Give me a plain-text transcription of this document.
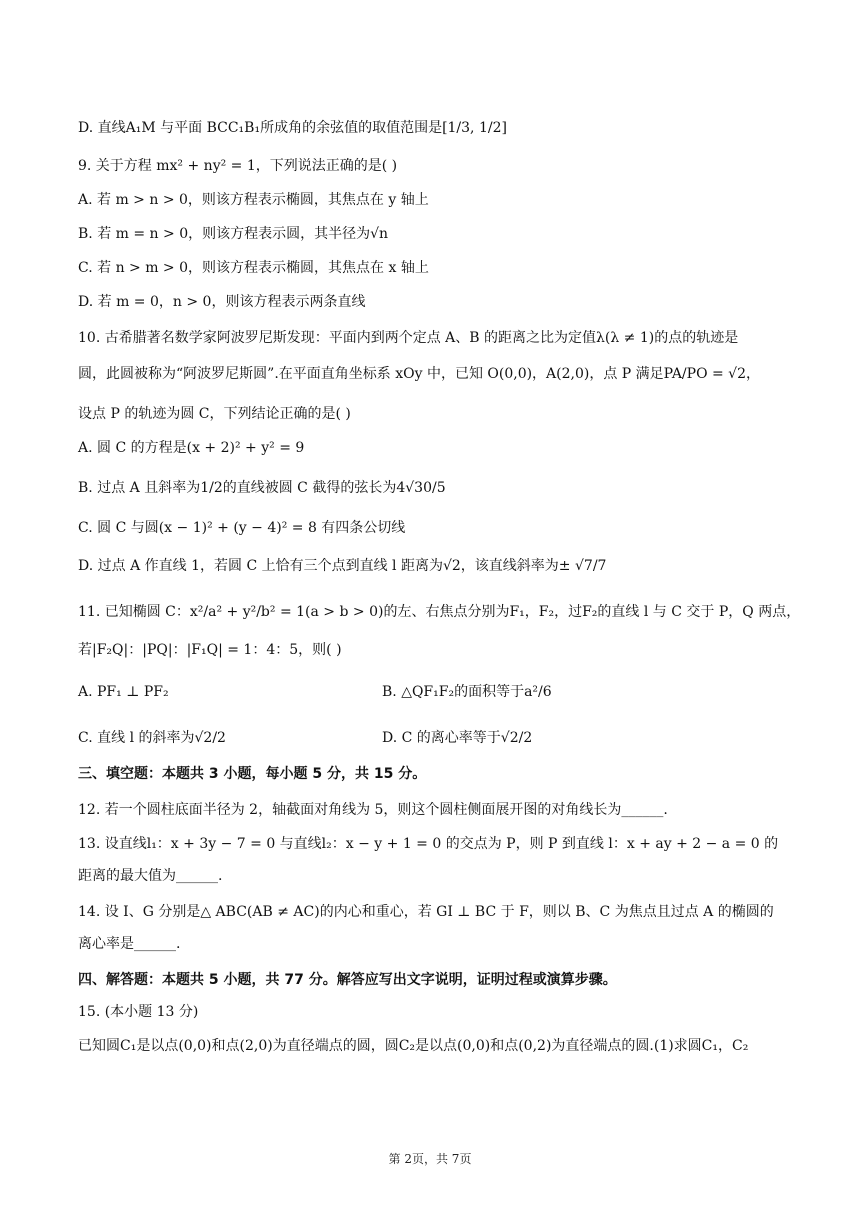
D. 直线A₁M 与平面 BCC₁B₁所成角的余弦值的取值范围是[1/3, 1/2]
9. 关于方程 mx² + ny² = 1，下列说法正确的是( )
A. 若 m > n > 0，则该方程表示椭圆，其焦点在 y 轴上
B. 若 m = n > 0，则该方程表示圆，其半径为√n
C. 若 n > m > 0，则该方程表示椭圆，其焦点在 x 轴上
D. 若 m = 0，n > 0，则该方程表示两条直线
10. 古希腊著名数学家阿波罗尼斯发现：平面内到两个定点 A、B 的距离之比为定值λ(λ ≠ 1)的点的轨迹是
圆，此圆被称为“阿波罗尼斯圆”.在平面直角坐标系 xOy 中，已知 O(0,0)，A(2,0)，点 P 满足PA/PO = √2，
设点 P 的轨迹为圆 C，下列结论正确的是( )
A. 圆 C 的方程是(x + 2)² + y² = 9
B. 过点 A 且斜率为1/2的直线被圆 C 截得的弦长为4√30/5
C. 圆 C 与圆(x − 1)² + (y − 4)² = 8 有四条公切线
D. 过点 A 作直线 1，若圆 C 上恰有三个点到直线 l 距离为√2，该直线斜率为± √7/7
11. 已知椭圆 C：x²/a² + y²/b² = 1(a > b > 0)的左、右焦点分别为F₁，F₂，过F₂的直线 l 与 C 交于 P，Q 两点，
若|F₂Q|：|PQ|：|F₁Q| = 1：4：5，则( )
A. PF₁ ⊥ PF₂	B. △QF₁F₂的面积等于a²/6
C. 直线 l 的斜率为√2/2	D. C 的离心率等于√2/2
三、填空题：本题共 3 小题，每小题 5 分，共 15 分。
12. 若一个圆柱底面半径为 2，轴截面对角线为 5，则这个圆柱侧面展开图的对角线长为______.
13. 设直线l₁：x + 3y − 7 = 0 与直线l₂：x − y + 1 = 0 的交点为 P，则 P 到直线 l：x + ay + 2 − a = 0 的
距离的最大值为______.
14. 设 I、G 分别是△ ABC(AB ≠ AC)的内心和重心，若 GI ⊥ BC 于 F，则以 B、C 为焦点且过点 A 的椭圆的
离心率是______.
四、解答题：本题共 5 小题，共 77 分。解答应写出文字说明，证明过程或演算步骤。
15. (本小题 13 分)
已知圆C₁是以点(0,0)和点(2,0)为直径端点的圆，圆C₂是以点(0,0)和点(0,2)为直径端点的圆.(1)求圆C₁，C₂
第 2页，共 7页
